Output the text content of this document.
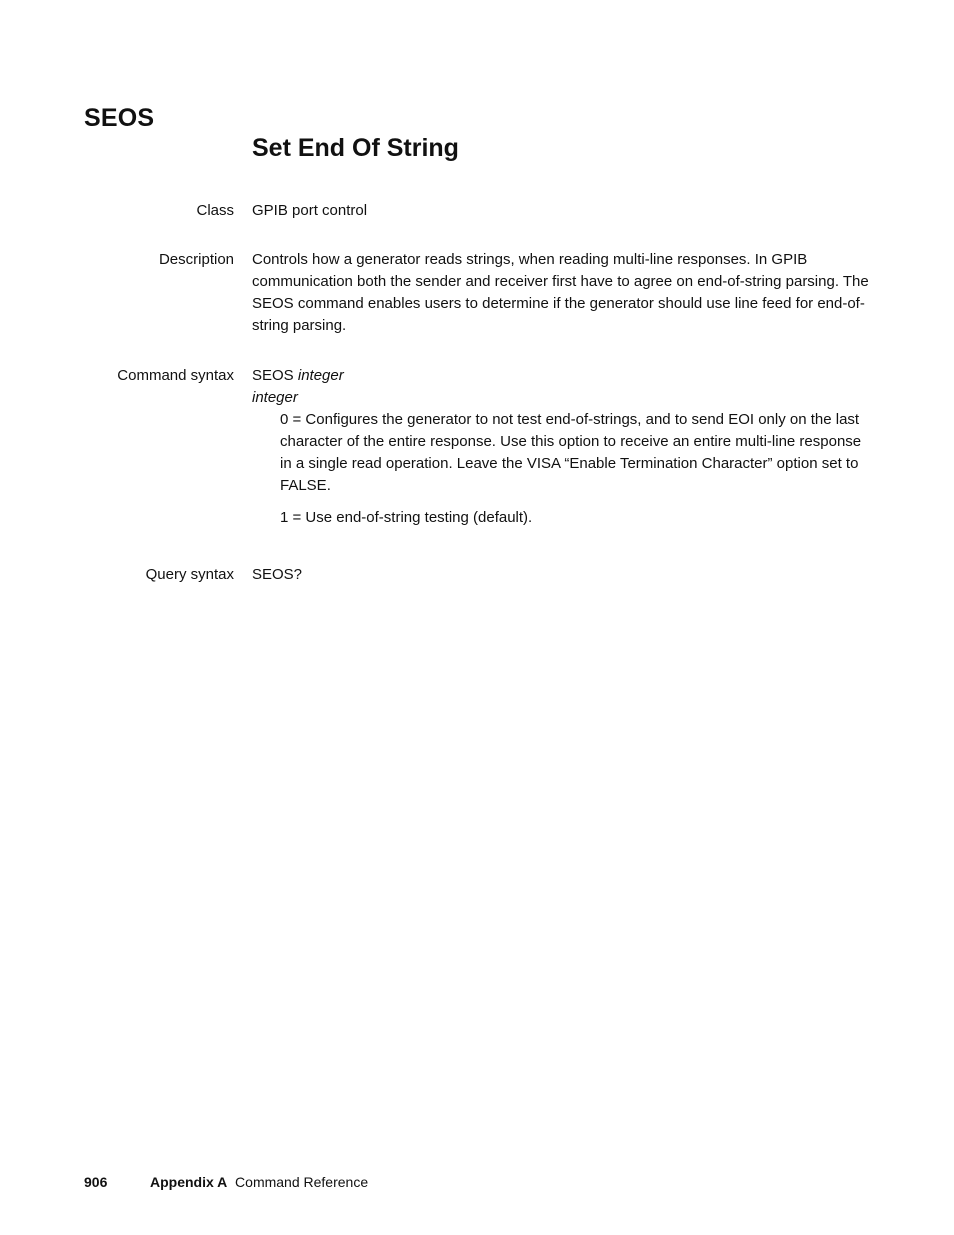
SEOS
Set End Of String
Class GPIB port control
Description Controls how a generator reads strings, when reading multi-line responses. In GPIB communication both the sender and receiver first have to agree on end-of-string parsing. The SEOS command enables users to determine if the generator should use line feed for end-of-string parsing.
Command syntax SEOS integer

integer

0 = Configures the generator to not test end-of-strings, and to send EOI only on the last character of the entire response. Use this option to receive an entire multi-line response in a single read operation. Leave the VISA “Enable Termination Character” option set to FALSE.

1 = Use end-of-string testing (default).

Query syntax SEOS?
906	Appendix A Command Reference
